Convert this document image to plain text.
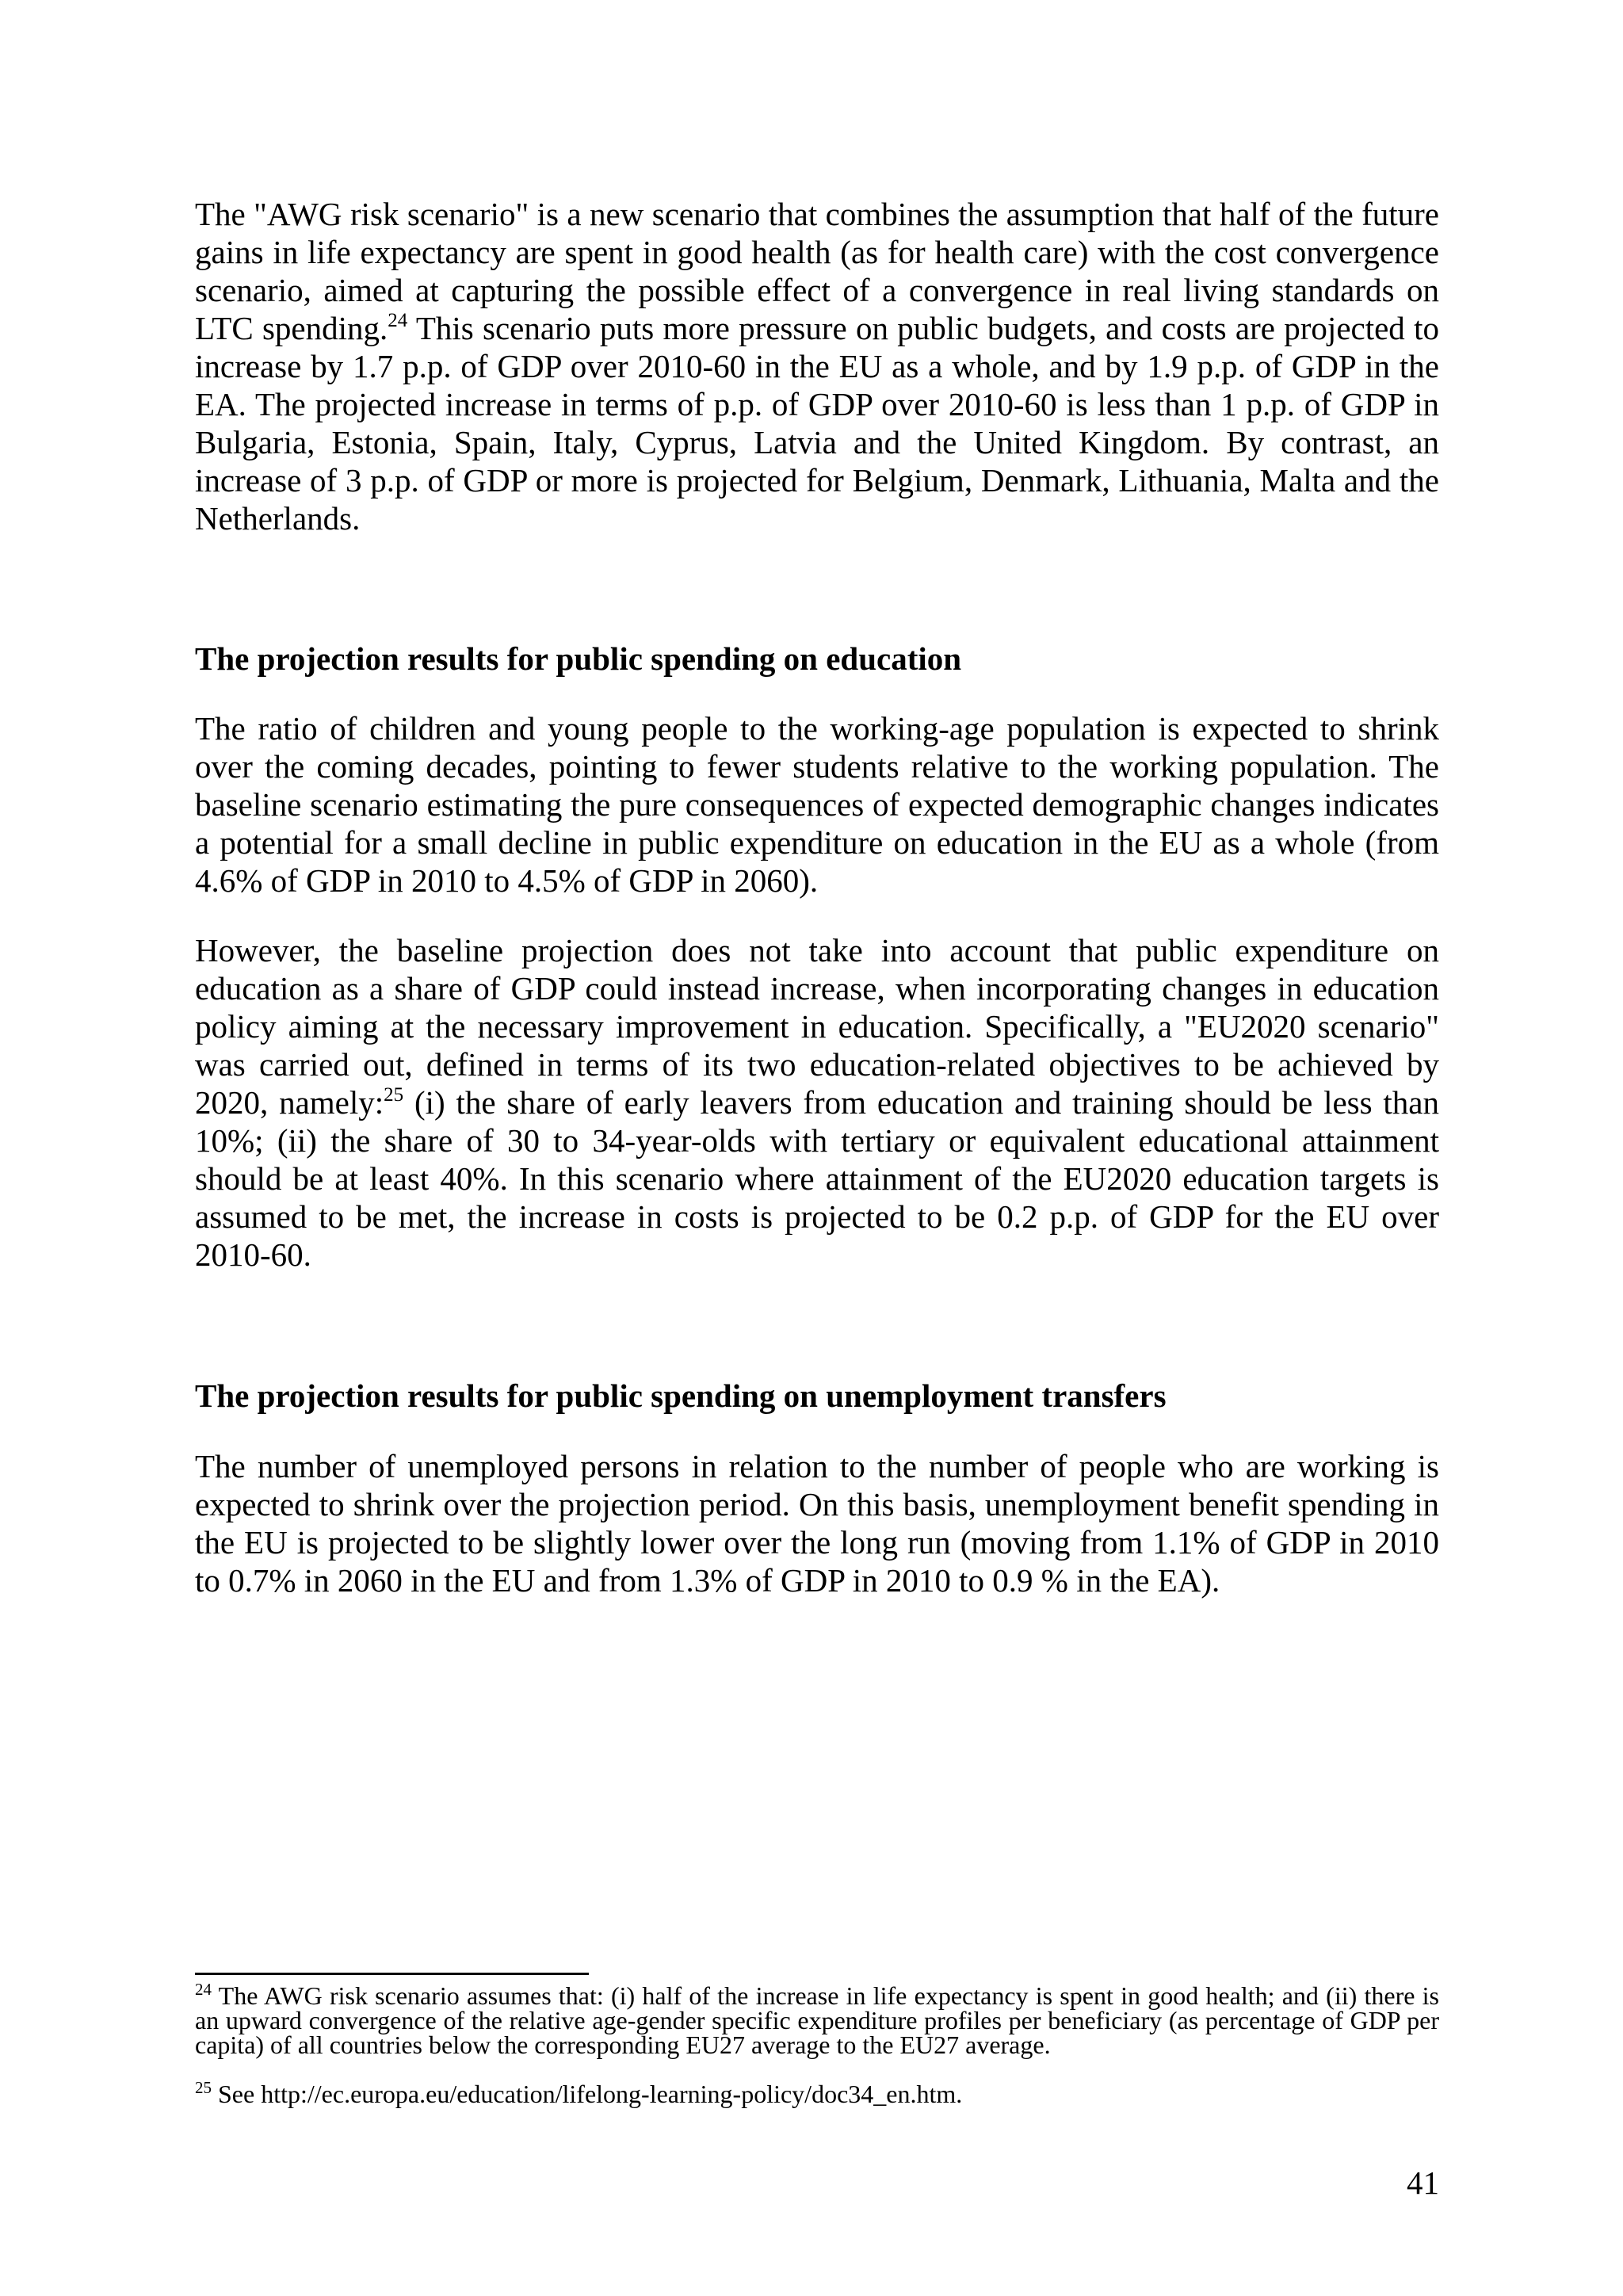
The "AWG risk scenario" is a new scenario that combines the assumption that half of the future gains in life expectancy are spent in good health (as for health care) with the cost convergence scenario, aimed at capturing the possible effect of a convergence in real living standards on LTC spending.$^{24}$ This scenario puts more pressure on public budgets, and costs are projected to increase by 1.7 p.p. of GDP over 2010-60 in the EU as a whole, and by 1.9 p.p. of GDP in the EA. The projected increase in terms of p.p. of GDP over 2010-60 is less than 1 p.p. of GDP in Bulgaria, Estonia, Spain, Italy, Cyprus, Latvia and the United Kingdom. By contrast, an increase of 3 p.p. of GDP or more is projected for Belgium, Denmark, Lithuania, Malta and the Netherlands.

The projection results for public spending on education

The ratio of children and young people to the working-age population is expected to shrink over the coming decades, pointing to fewer students relative to the working population. The baseline scenario estimating the pure consequences of expected demographic changes indicates a potential for a small decline in public expenditure on education in the EU as a whole (from 4.6% of GDP in 2010 to 4.5% of GDP in 2060).

However, the baseline projection does not take into account that public expenditure on education as a share of GDP could instead increase, when incorporating changes in education policy aiming at the necessary improvement in education. Specifically, a "EU2020 scenario" was carried out, defined in terms of its two education-related objectives to be achieved by 2020, namely:$^{25}$ (i) the share of early leavers from education and training should be less than 10%; (ii) the share of 30 to 34-year-olds with tertiary or equivalent educational attainment should be at least 40%. In this scenario where attainment of the EU2020 education targets is assumed to be met, the increase in costs is projected to be 0.2 p.p. of GDP for the EU over 2010-60.

The projection results for public spending on unemployment transfers

The number of unemployed persons in relation to the number of people who are working is expected to shrink over the projection period. On this basis, unemployment benefit spending in the EU is projected to be slightly lower over the long run (moving from 1.1% of GDP in 2010 to 0.7% in 2060 in the EU and from 1.3% of GDP in 2010 to 0.9 % in the EA).

$^{24}$ The AWG risk scenario assumes that: (i) half of the increase in life expectancy is spent in good health; and (ii) there is an upward convergence of the relative age-gender specific expenditure profiles per beneficiary (as percentage of GDP per capita) of all countries below the corresponding EU27 average to the EU27 average.

$^{25}$ See http://ec.europa.eu/education/lifelong-learning-policy/doc34_en.htm.

41
